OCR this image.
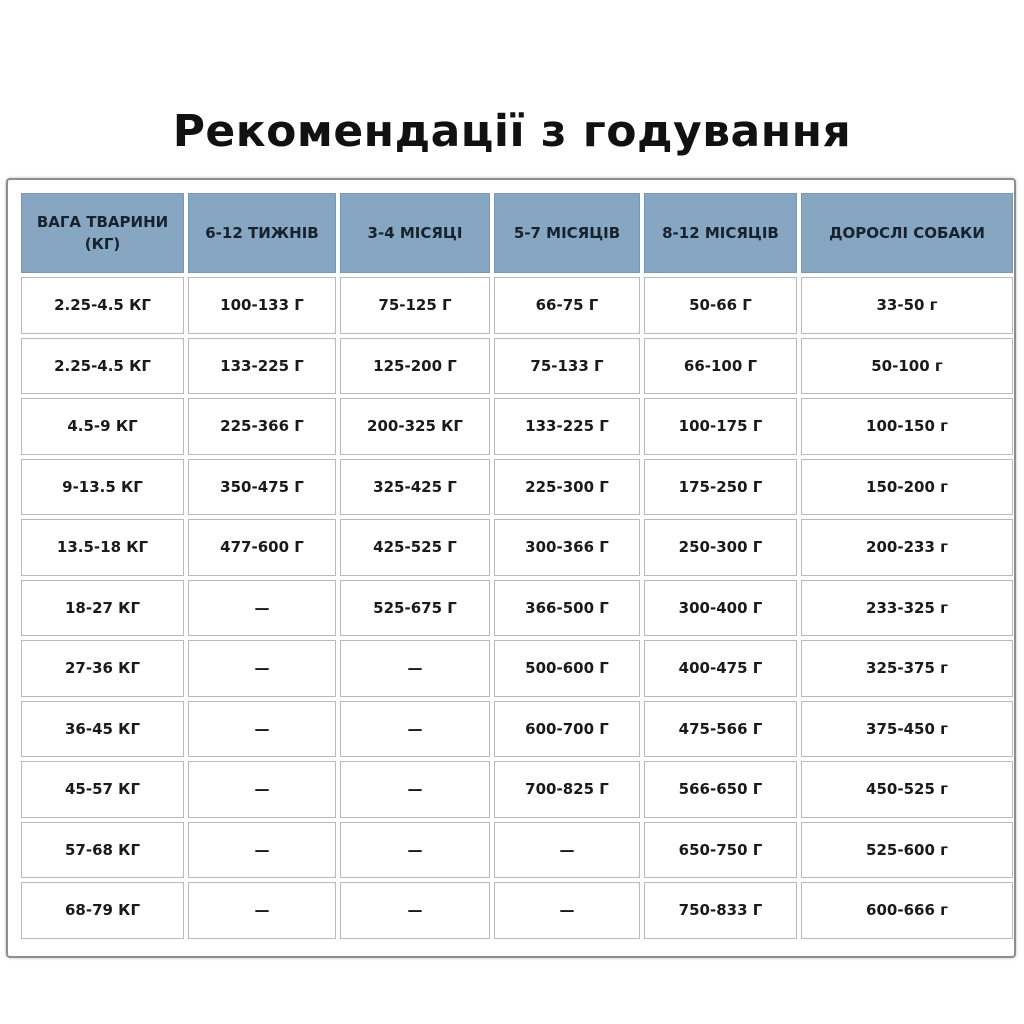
Рекомендації з годування
ВАГА ТВАРИНИ (КГ)	6-12 ТИЖНІВ	3-4 МІСЯЦІ	5-7 МІСЯЦІВ	8-12 МІСЯЦІВ	ДОРОСЛІ СОБАКИ
2.25-4.5 КГ	100-133 Г	75-125 Г	66-75 Г	50-66 Г	33-50 г
2.25-4.5 КГ	133-225 Г	125-200 Г	75-133 Г	66-100 Г	50-100 г
4.5-9 КГ	225-366 Г	200-325 КГ	133-225 Г	100-175 Г	100-150 г
9-13.5 КГ	350-475 Г	325-425 Г	225-300 Г	175-250 Г	150-200 г
13.5-18 КГ	477-600 Г	425-525 Г	300-366 Г	250-300 Г	200-233 г
18-27 КГ	—	525-675 Г	366-500 Г	300-400 Г	233-325 г
27-36 КГ	—	—	500-600 Г	400-475 Г	325-375 г
36-45 КГ	—	—	600-700 Г	475-566 Г	375-450 г
45-57 КГ	—	—	700-825 Г	566-650 Г	450-525 г
57-68 КГ	—	—	—	650-750 Г	525-600 г
68-79 КГ	—	—	—	750-833 Г	600-666 г
